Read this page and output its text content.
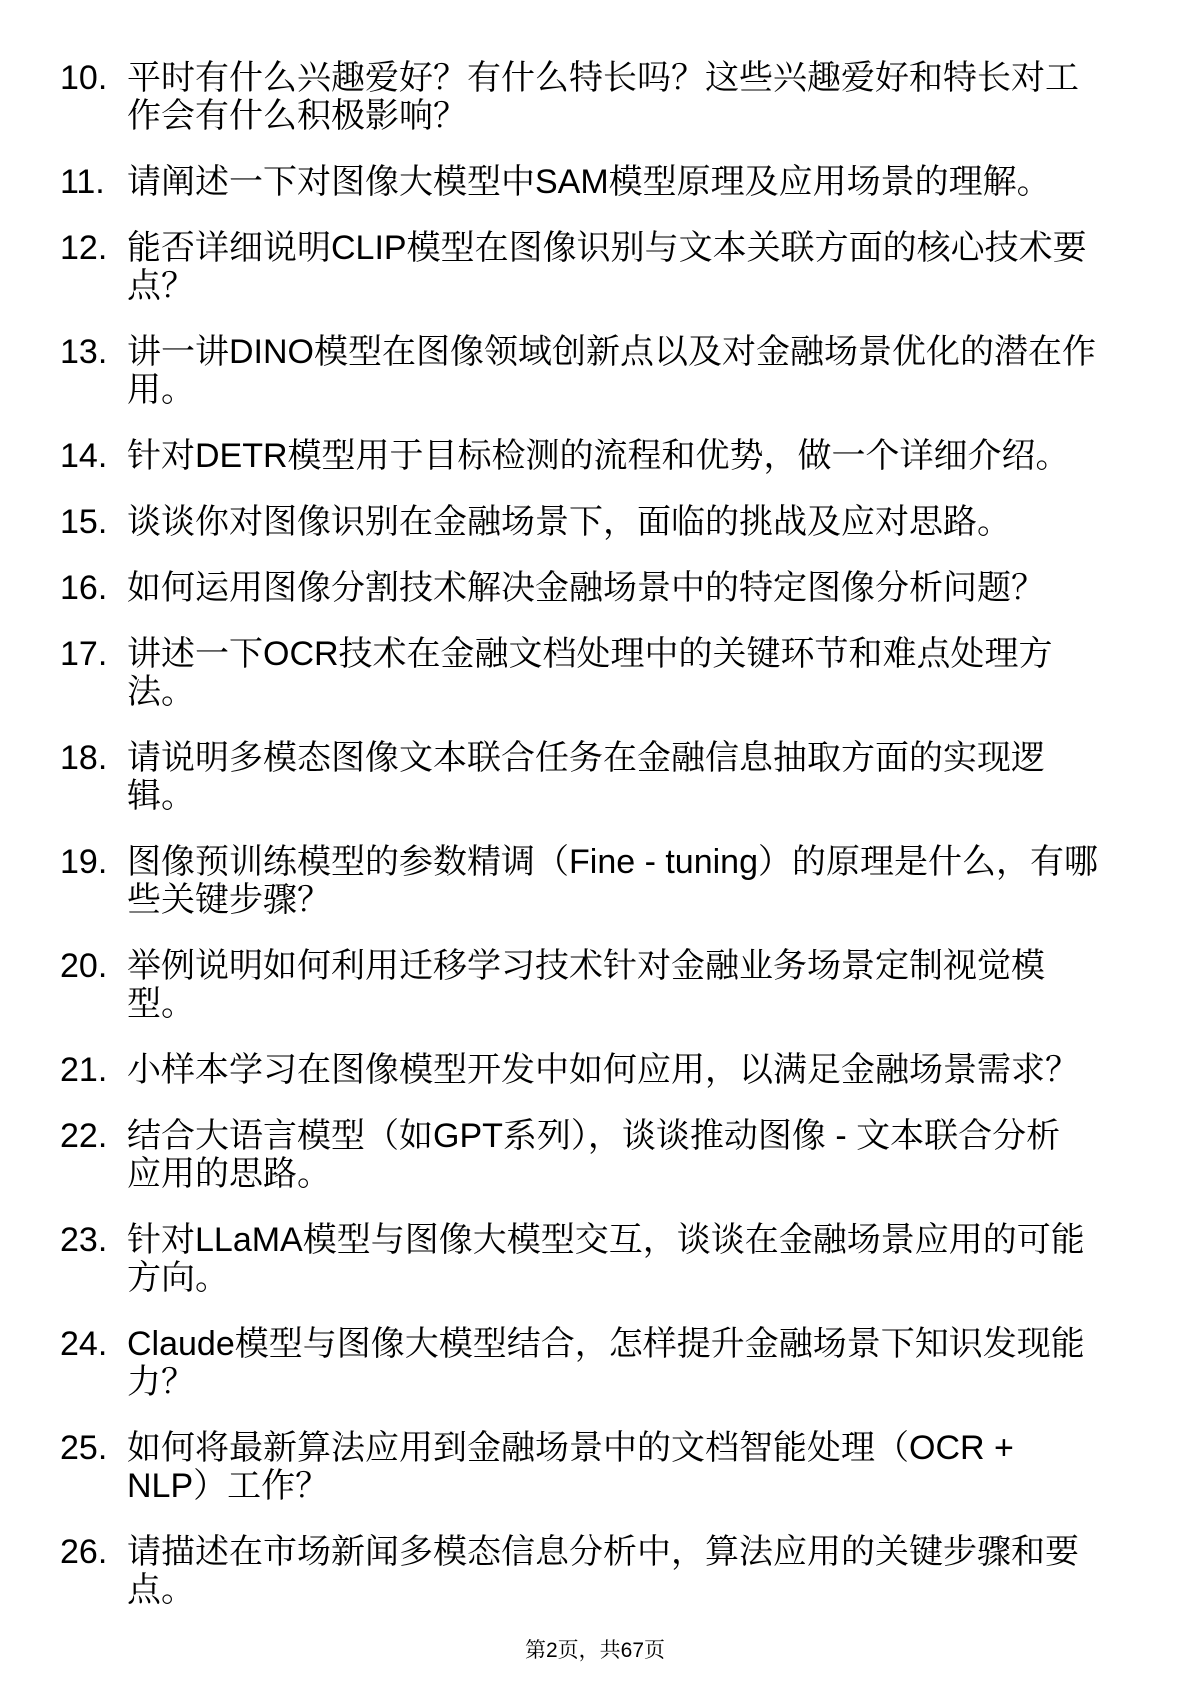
10. 平时有什么兴趣爱好？有什么特长吗？这些兴趣爱好和特长对工
作会有什么积极影响？
11. 请阐述一下对图像大模型中SAM模型原理及应用场景的理解。
12. 能否详细说明CLIP模型在图像识别与文本关联方面的核心技术要
点？
13. 讲一讲DINO模型在图像领域创新点以及对金融场景优化的潜在作
用。
14. 针对DETR模型用于目标检测的流程和优势，做一个详细介绍。
15. 谈谈你对图像识别在金融场景下，面临的挑战及应对思路。
16. 如何运用图像分割技术解决金融场景中的特定图像分析问题？
17. 讲述一下OCR技术在金融文档处理中的关键环节和难点处理方
法。
18. 请说明多模态图像文本联合任务在金融信息抽取方面的实现逻
辑。
19. 图像预训练模型的参数精调（Fine - tuning）的原理是什么，有哪
些关键步骤？
20. 举例说明如何利用迁移学习技术针对金融业务场景定制视觉模
型。
21. 小样本学习在图像模型开发中如何应用，以满足金融场景需求？
22. 结合大语言模型（如GPT系列），谈谈推动图像 - 文本联合分析
应用的思路。
23. 针对LLaMA模型与图像大模型交互，谈谈在金融场景应用的可能
方向。
24. Claude模型与图像大模型结合，怎样提升金融场景下知识发现能
力？
25. 如何将最新算法应用到金融场景中的文档智能处理（OCR +
NLP）工作？
26. 请描述在市场新闻多模态信息分析中，算法应用的关键步骤和要
点。
第2页，共67页
